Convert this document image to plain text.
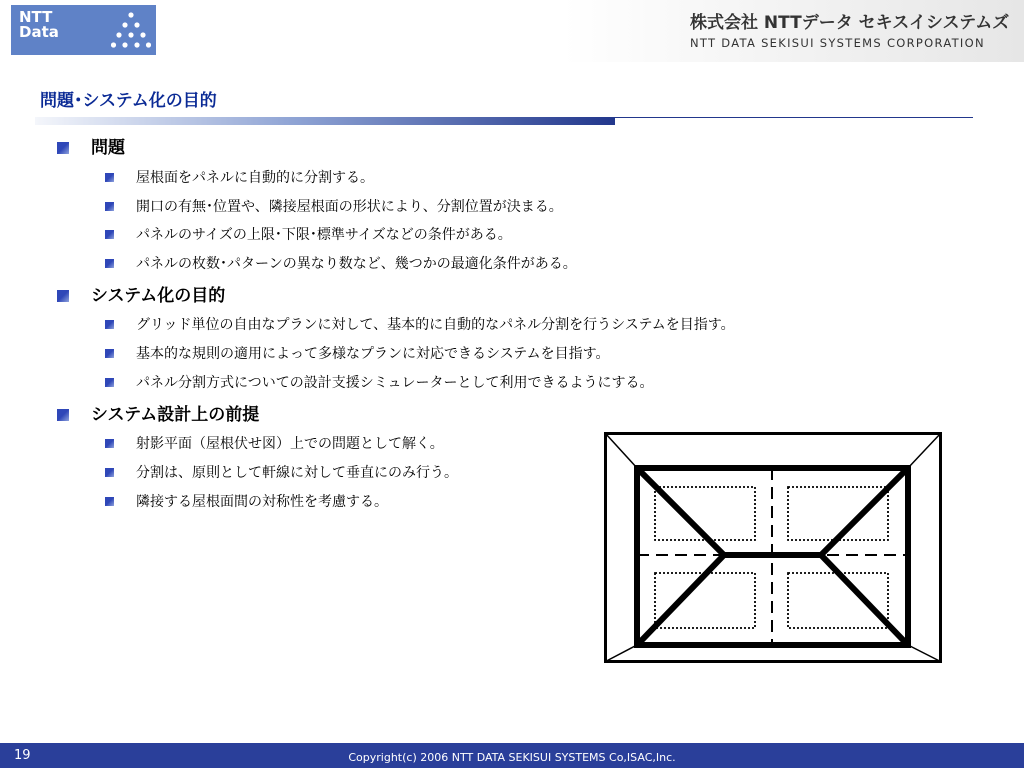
NTT
Data	株式会社 NTTデータ セキスイシステムズ
NTT DATA SEKISUI SYSTEMS CORPORATION
問題･システム化の目的
問題
屋根面をパネルに自動的に分割する。
開口の有無･位置や、隣接屋根面の形状により、分割位置が決まる。
パネルのサイズの上限･下限･標準サイズなどの条件がある。
パネルの枚数･パターンの異なり数など、幾つかの最適化条件がある。
システム化の目的
グリッド単位の自由なプランに対して、基本的に自動的なパネル分割を行うシステムを目指す。
基本的な規則の適用によって多様なプランに対応できるシステムを目指す。
パネル分割方式についての設計支援シミュレーターとして利用できるようにする。
システム設計上の前提
射影平面（屋根伏せ図）上での問題として解く。
分割は、原則として軒線に対して垂直にのみ行う。
隣接する屋根面間の対称性を考慮する。
19	Copyright(c) 2006 NTT DATA SEKISUI SYSTEMS Co,ISAC,Inc.
